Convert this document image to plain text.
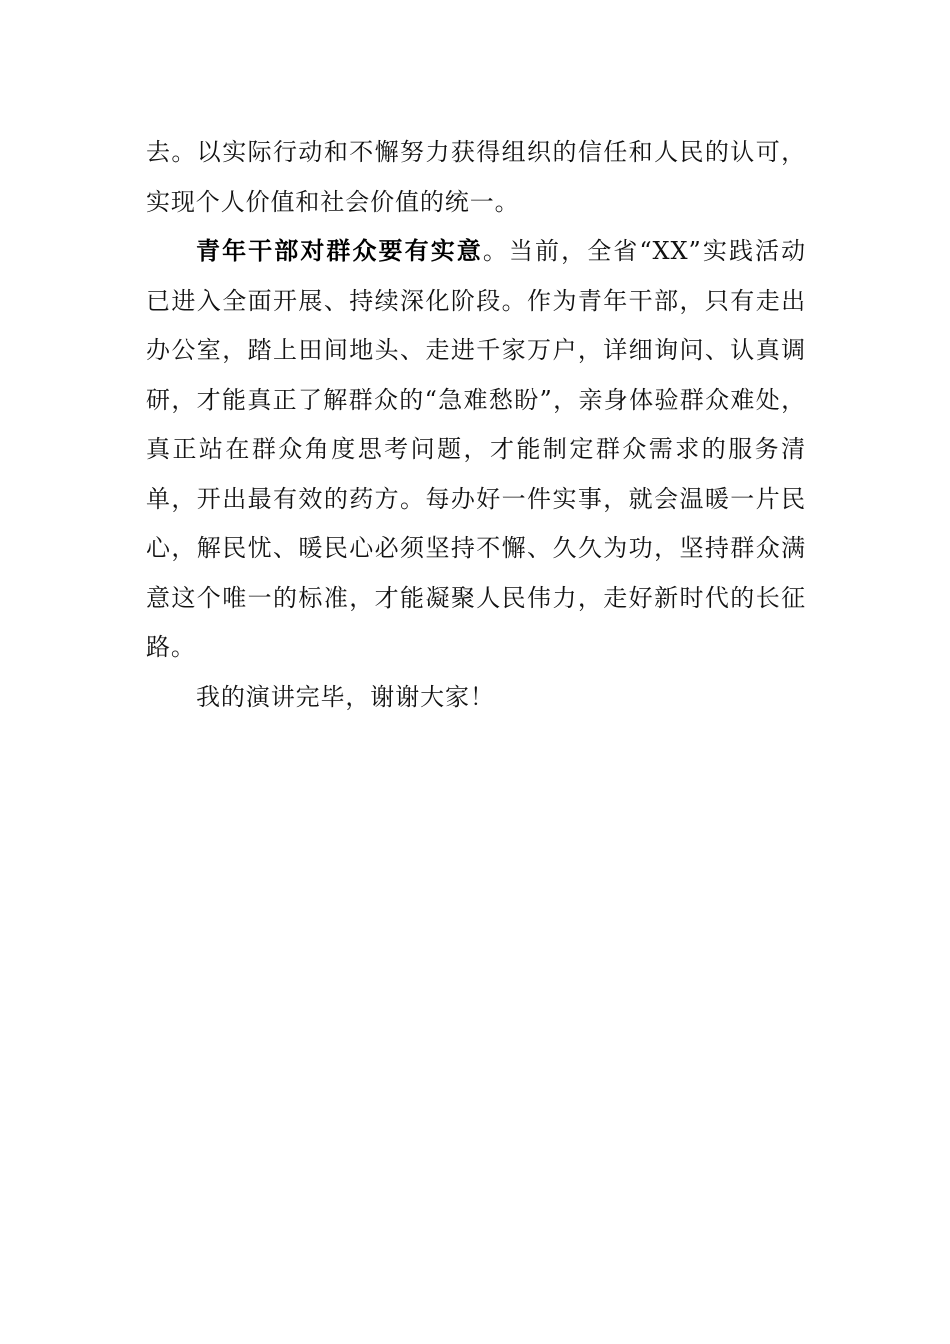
去。以实际行动和不懈努力获得组织的信任和人民的认可，实现个人价值和社会价值的统一。

青年干部对群众要有实意。当前，全省“XX”实践活动已进入全面开展、持续深化阶段。作为青年干部，只有走出办公室，踏上田间地头、走进千家万户，详细询问、认真调研，才能真正了解群众的“急难愁盼”，亲身体验群众难处，真正站在群众角度思考问题，才能制定群众需求的服务清单，开出最有效的药方。每办好一件实事，就会温暖一片民心，解民忧、暖民心必须坚持不懈、久久为功，坚持群众满意这个唯一的标准，才能凝聚人民伟力，走好新时代的长征路。

我的演讲完毕，谢谢大家！
